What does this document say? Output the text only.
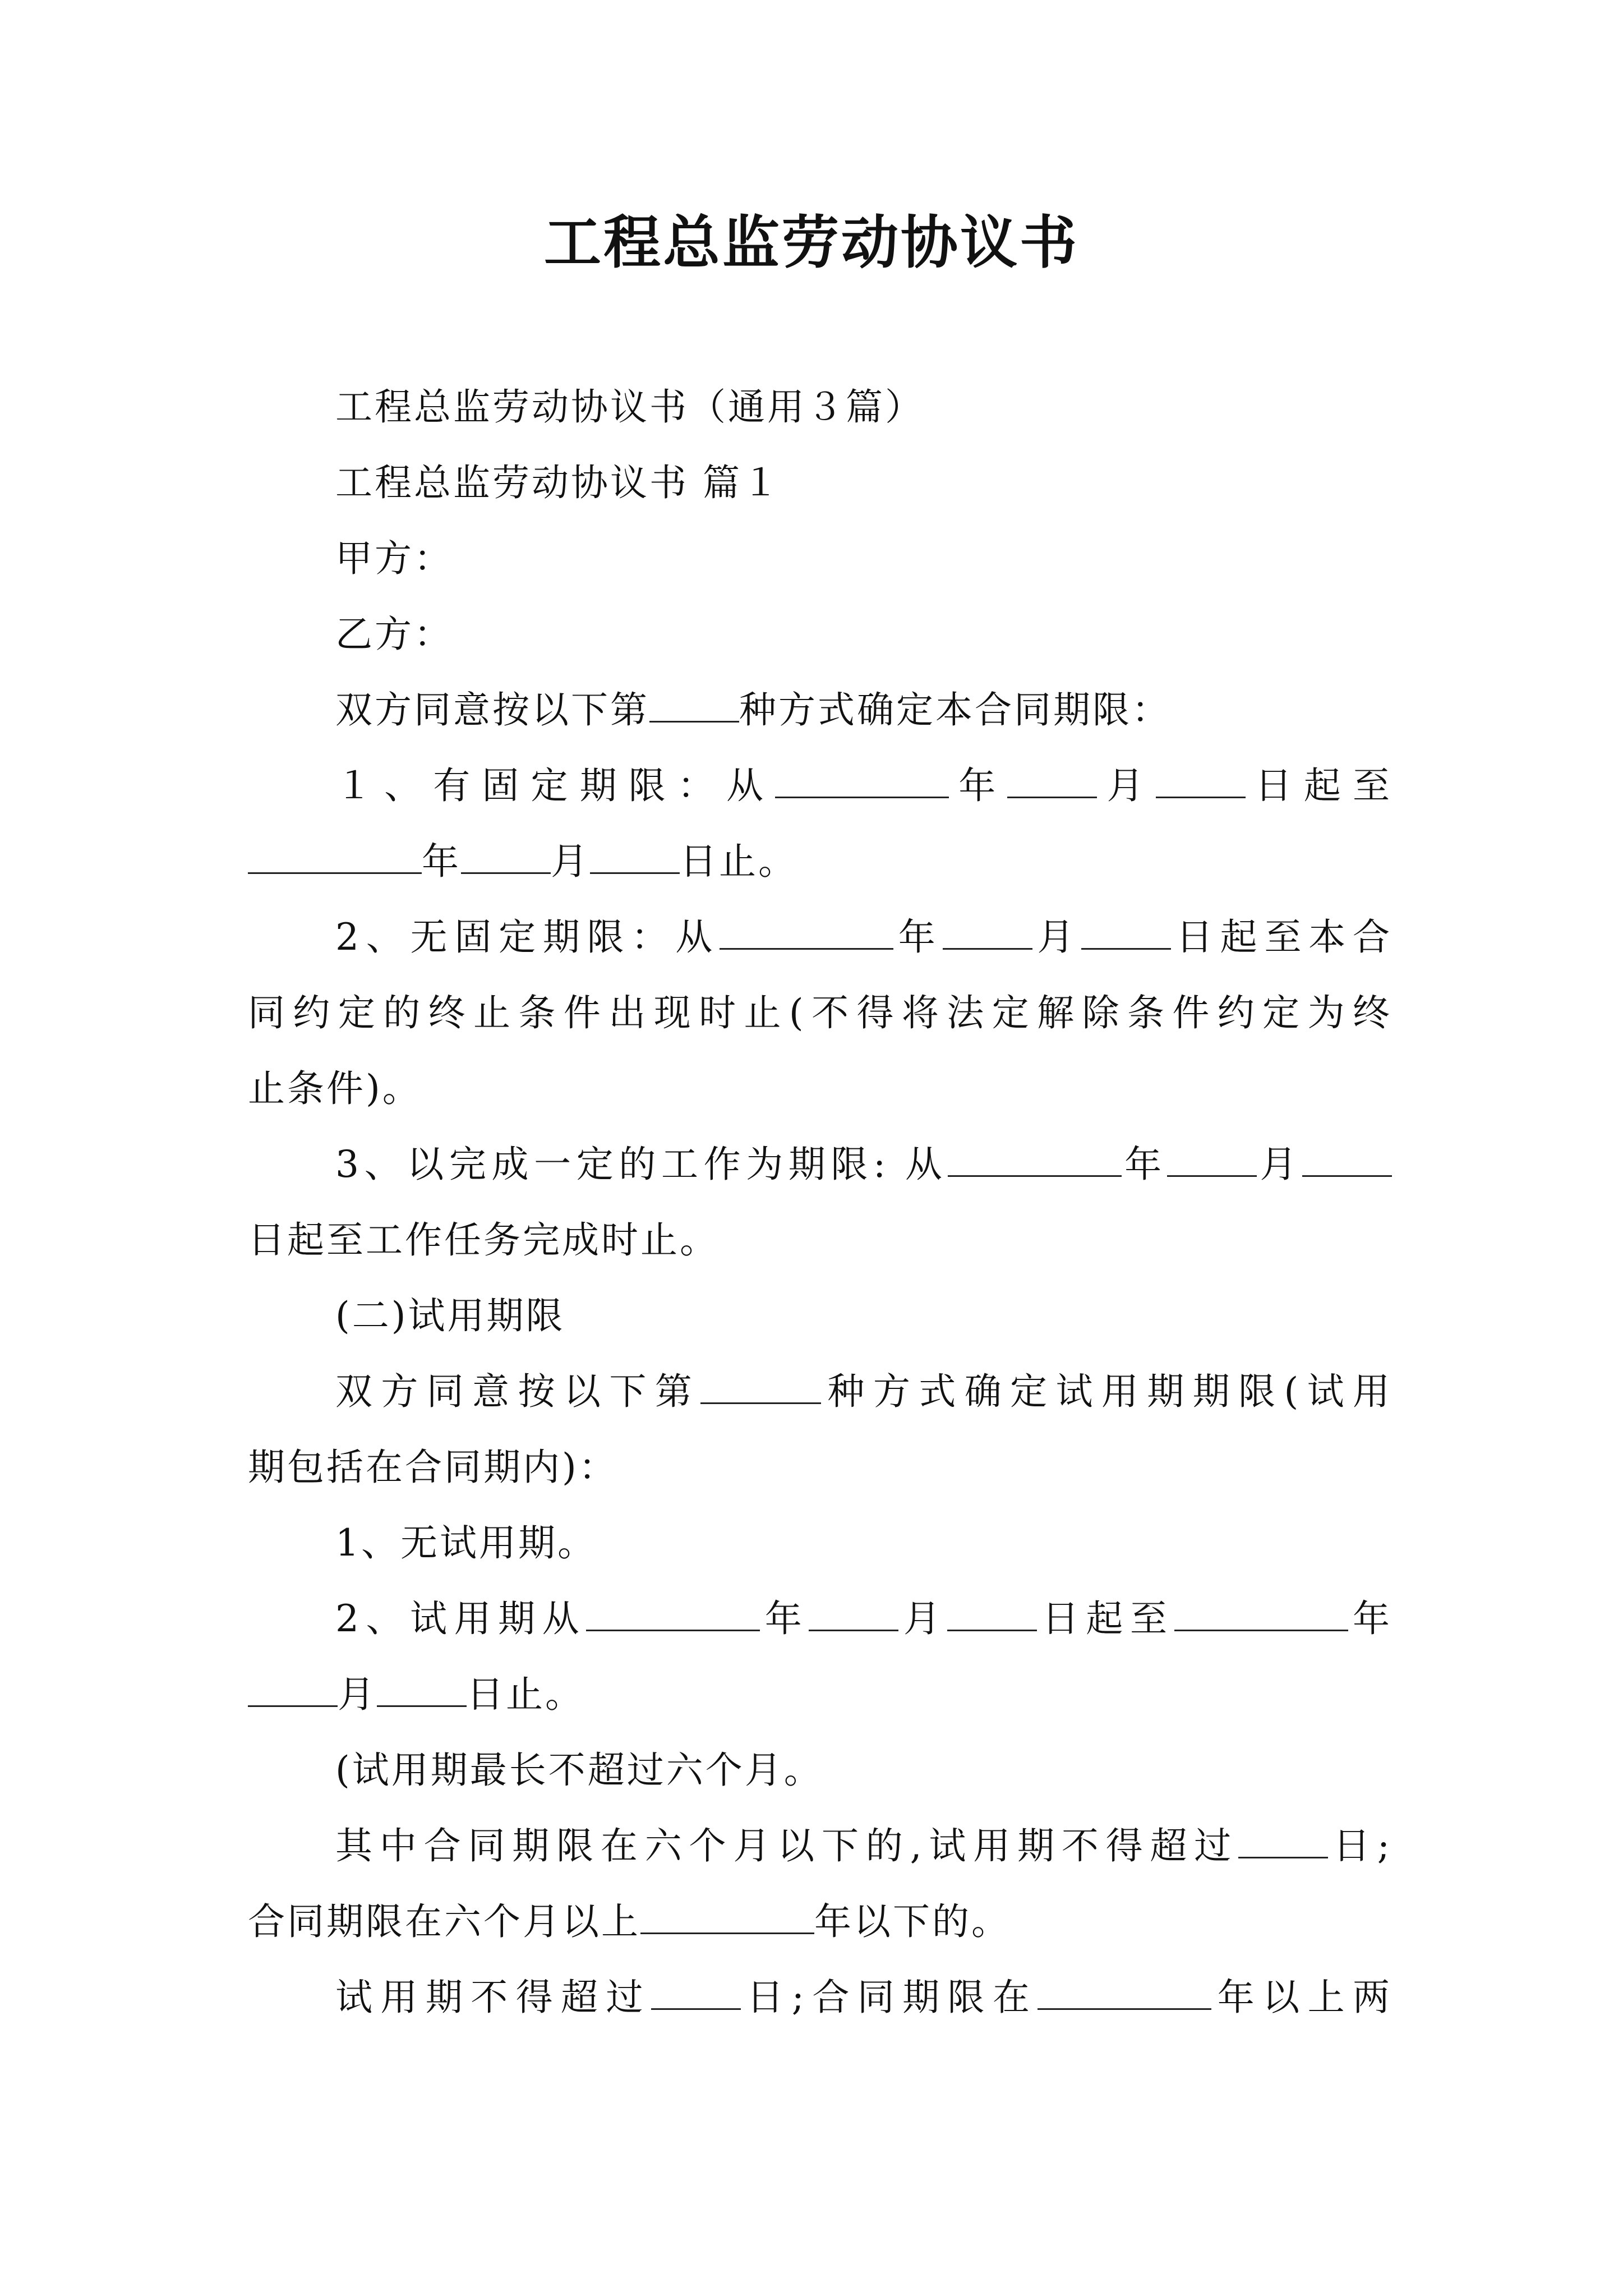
工程总监劳动协议书
工程总监劳动协议书（通用３篇）
工程总监劳动协议书 篇１
甲方：
乙方：
双方同意按以下第 种方式确定本合同期限：
１、有固定期限：从	年 月 日起至
年 月 日止。
2、无固定期限：从	年 月 日起至本合
同约定的终止条件出现时止(不得将法定解除条件约定为终
止条件)。
3、以完成一定的工作为期限: 从	年 月
日起至工作任务完成时止。
(二)试用期限
双方同意按以下第	种方式确定试用期期限(试用
期包括在合同期内)：
1、无试用期。
2、试用期从	年 月 日起至	年
月 日止。
(试用期最长不超过六个月。
其中合同期限在六个月以下的,试用期不得超过 日;
合同期限在六个月以上	年以下的。
试用期不得超过 日;合同期限在	年以上两
